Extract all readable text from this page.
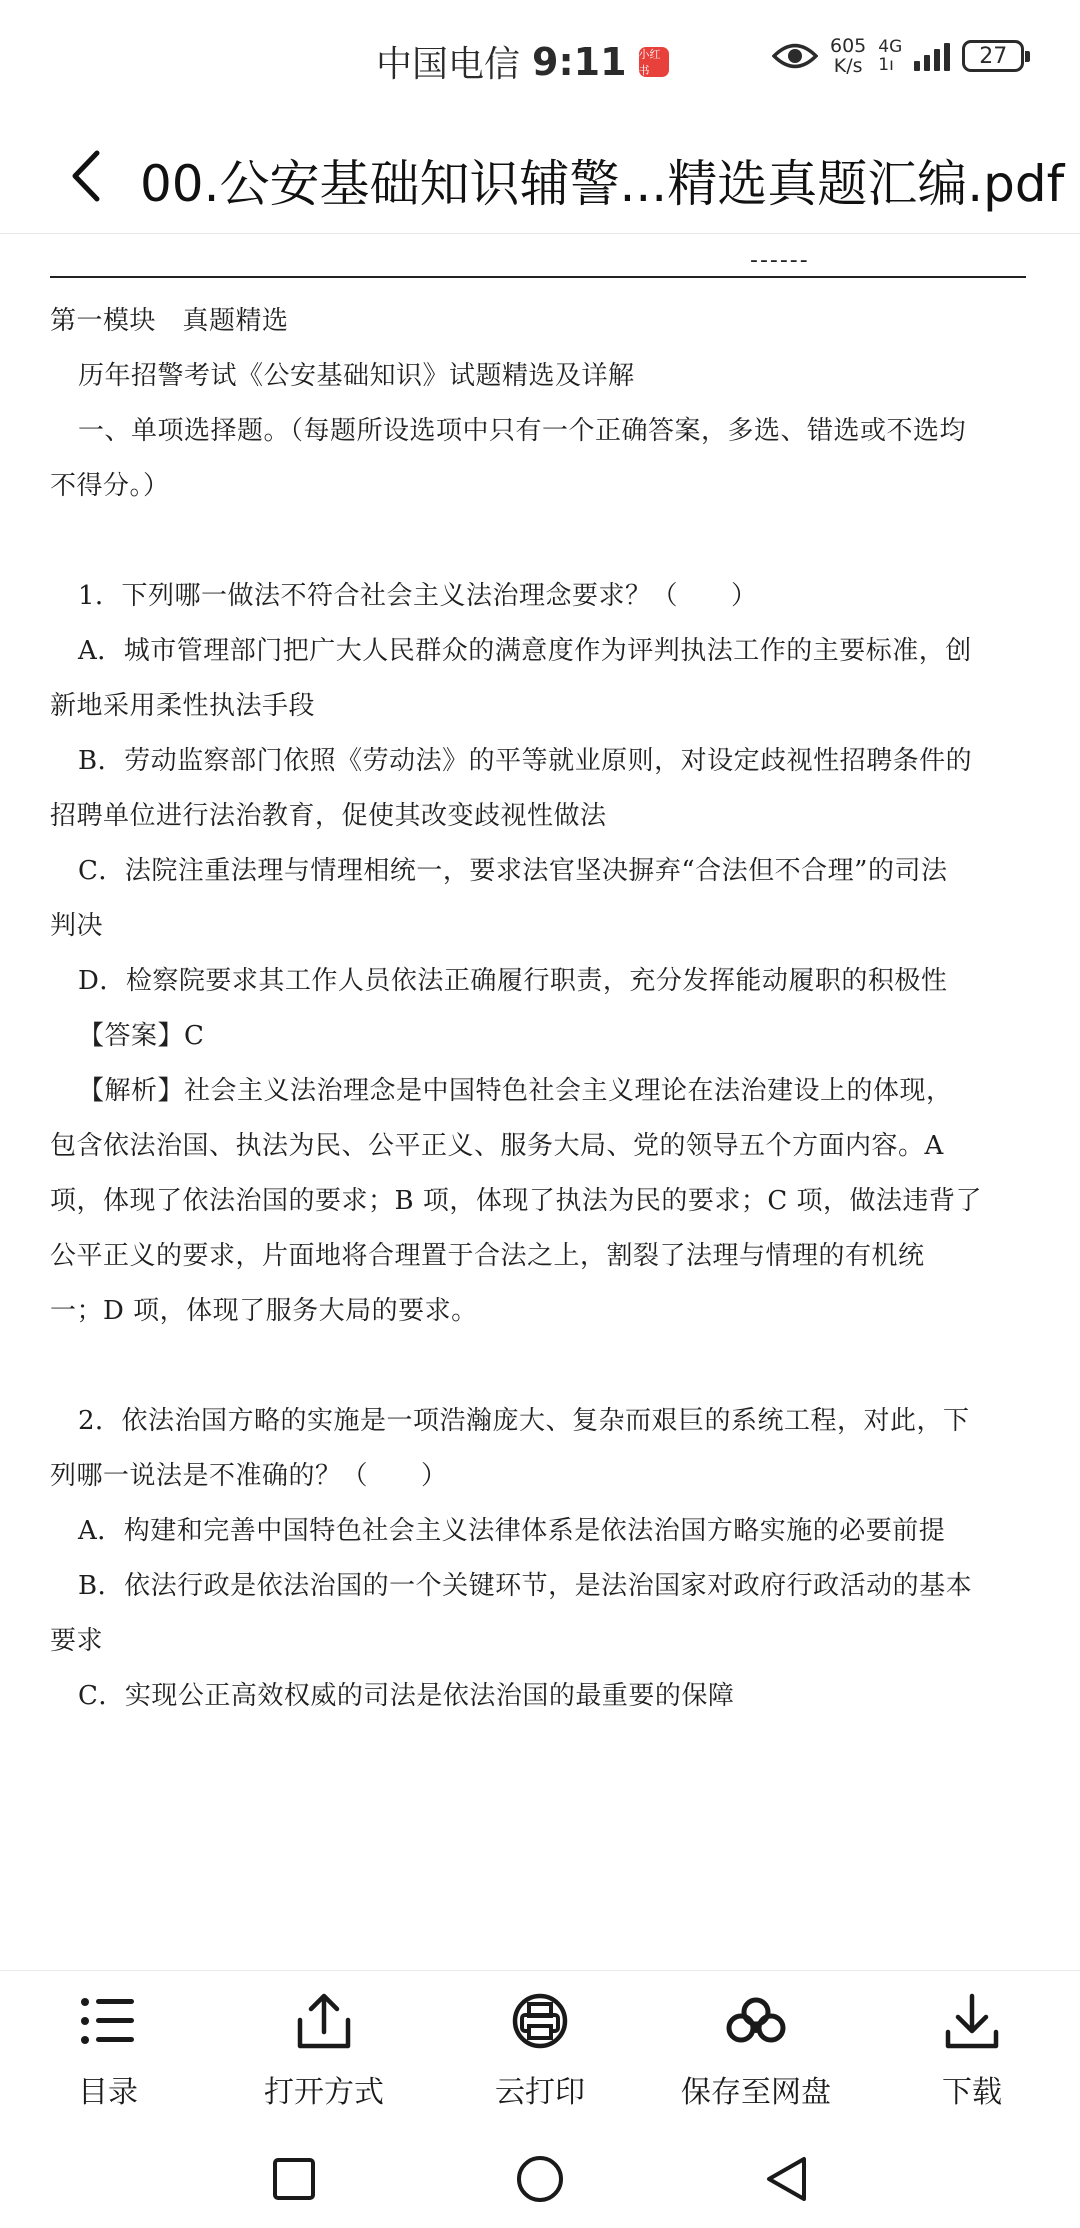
中国电信 9:11 小红书
605
K/s
4G
1ı	27
00.公安基础知识辅警...精选真题汇编.pdf
------
第一模块　真题精选
历年招警考试《公安基础知识》试题精选及详解
一、单项选择题。（每题所设选项中只有一个正确答案，多选、错选或不选均
不得分。）
1．下列哪一做法不符合社会主义法治理念要求？（　　）
A．城市管理部门把广大人民群众的满意度作为评判执法工作的主要标准，创
新地采用柔性执法手段
B．劳动监察部门依照《劳动法》的平等就业原则，对设定歧视性招聘条件的
招聘单位进行法治教育，促使其改变歧视性做法
C．法院注重法理与情理相统一，要求法官坚决摒弃“合法但不合理”的司法
判决
D．检察院要求其工作人员依法正确履行职责，充分发挥能动履职的积极性
【答案】C
【解析】社会主义法治理念是中国特色社会主义理论在法治建设上的体现，
包含依法治国、执法为民、公平正义、服务大局、党的领导五个方面内容。A
项，体现了依法治国的要求；B 项，体现了执法为民的要求；C 项，做法违背了
公平正义的要求，片面地将合理置于合法之上，割裂了法理与情理的有机统
一；D 项，体现了服务大局的要求。
2．依法治国方略的实施是一项浩瀚庞大、复杂而艰巨的系统工程，对此，下
列哪一说法是不准确的？（　　）
A．构建和完善中国特色社会主义法律体系是依法治国方略实施的必要前提
B．依法行政是依法治国的一个关键环节，是法治国家对政府行政活动的基本
要求
C．实现公正高效权威的司法是依法治国的最重要的保障
目录	打开方式	云打印	保存至网盘	下载
